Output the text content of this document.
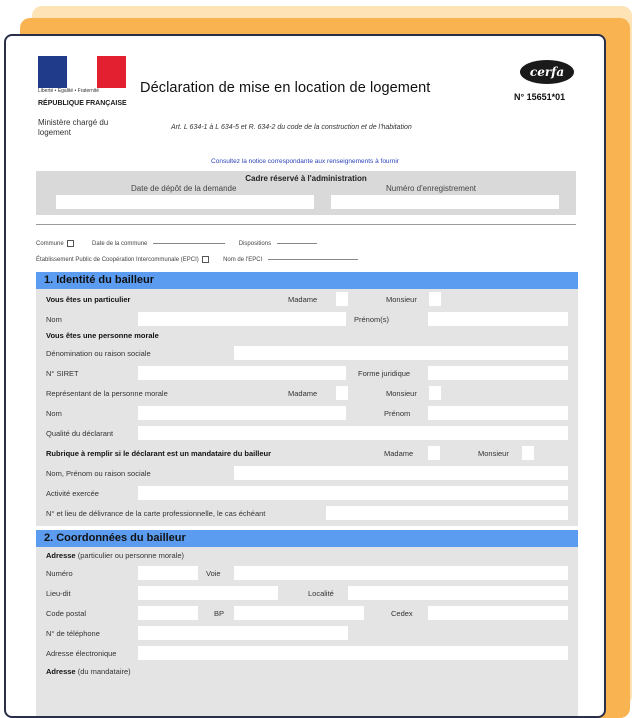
Liberté • Égalité • Fraternité
RÉPUBLIQUE FRANÇAISE
Ministère chargé du logement
Déclaration de mise en location de logement
cerfa
N° 15651*01
Art. L 634-1 à L 634-5 et R. 634-2 du code de la construction et de l'habitation
Consultez la notice correspondante aux renseignements à fournir
Cadre réservé à l'administration
Date de dépôt de la demande	Numéro d'enregistrement
Commune	Date de la commune	Dispositions
Établissement Public de Coopération Intercommunale (EPCI)	Nom de l'EPCI
1. Identité du bailleur
Vous êtes un particulier	Madame	Monsieur
Nom	Prénom(s)
Vous êtes une personne morale
Dénomination ou raison sociale
N° SIRET	Forme juridique
Représentant de la personne morale	Madame	Monsieur
Nom	Prénom
Qualité du déclarant
Rubrique à remplir si le déclarant est un mandataire du bailleur	Madame	Monsieur
Nom, Prénom ou raison sociale
Activité exercée
N° et lieu de délivrance de la carte professionnelle, le cas échéant
2. Coordonnées du bailleur
Adresse (particulier ou personne morale)
Numéro	Voie
Lieu-dit	Localité
Code postal	BP	Cedex
N° de téléphone
Adresse électronique
Adresse (du mandataire)
